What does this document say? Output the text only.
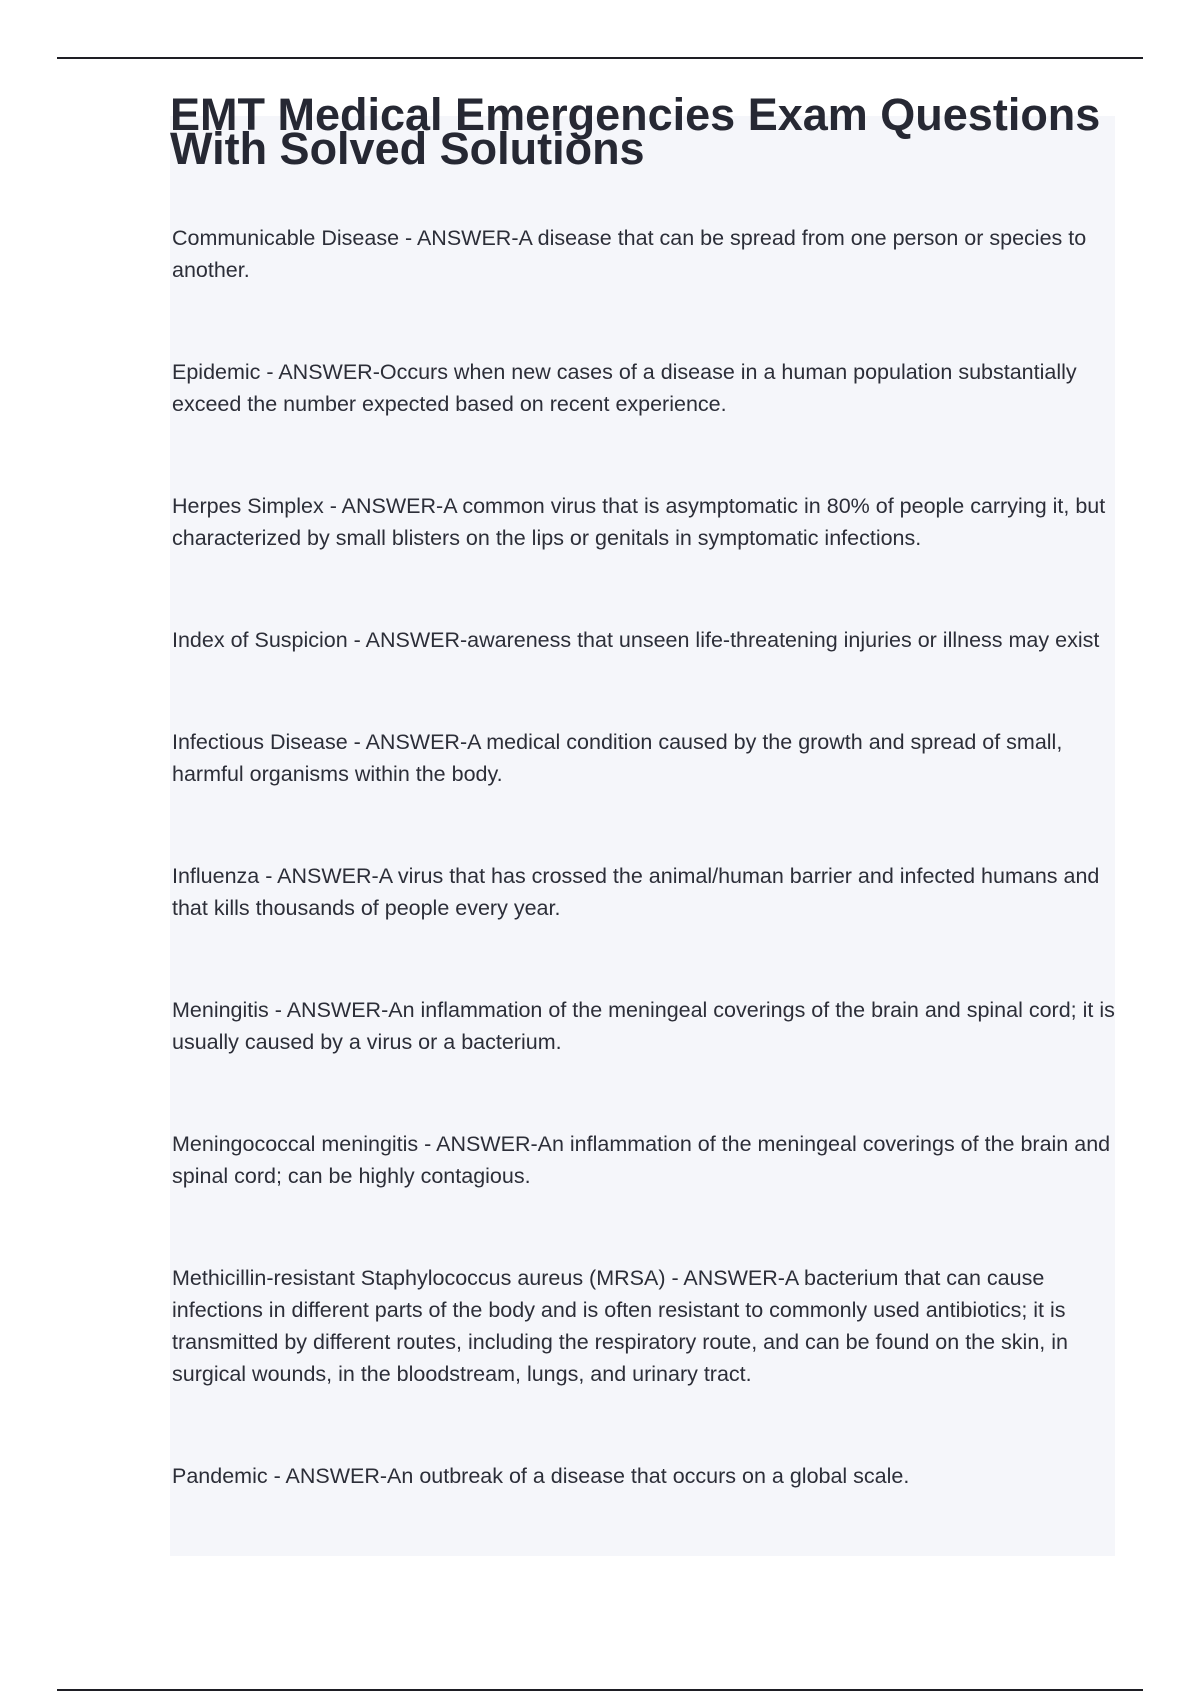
EMT Medical Emergencies Exam Questions With Solved Solutions
Communicable Disease - ANSWER-A disease that can be spread from one person or species to another.
Epidemic - ANSWER-Occurs when new cases of a disease in a human population substantially exceed the number expected based on recent experience.
Herpes Simplex - ANSWER-A common virus that is asymptomatic in 80% of people carrying it, but characterized by small blisters on the lips or genitals in symptomatic infections.
Index of Suspicion - ANSWER-awareness that unseen life-threatening injuries or illness may exist
Infectious Disease - ANSWER-A medical condition caused by the growth and spread of small, harmful organisms within the body.
Influenza - ANSWER-A virus that has crossed the animal/human barrier and infected humans and that kills thousands of people every year.
Meningitis - ANSWER-An inflammation of the meningeal coverings of the brain and spinal cord; it is usually caused by a virus or a bacterium.
Meningococcal meningitis - ANSWER-An inflammation of the meningeal coverings of the brain and spinal cord; can be highly contagious.
Methicillin-resistant Staphylococcus aureus (MRSA) - ANSWER-A bacterium that can cause infections in different parts of the body and is often resistant to commonly used antibiotics; it is transmitted by different routes, including the respiratory route, and can be found on the skin, in surgical wounds, in the bloodstream, lungs, and urinary tract.
Pandemic - ANSWER-An outbreak of a disease that occurs on a global scale.
